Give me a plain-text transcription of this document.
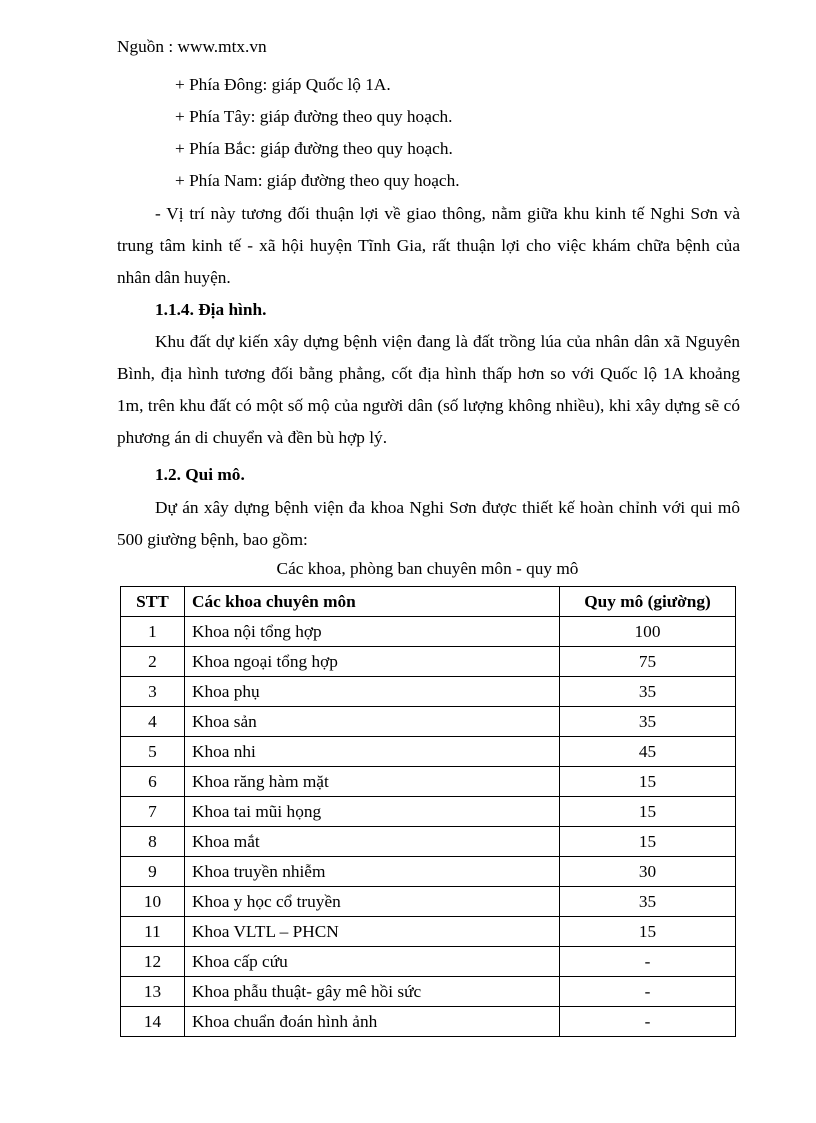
Nguồn : www.mtx.vn
+ Phía Đông: giáp Quốc lộ 1A.
+ Phía Tây: giáp đường theo quy hoạch.
+ Phía Bắc: giáp đường theo quy hoạch.
+ Phía Nam: giáp đường theo quy hoạch.

- Vị trí này tương đối thuận lợi về giao thông, nằm giữa khu kinh tế Nghi Sơn và trung tâm kinh tế - xã hội huyện Tĩnh Gia, rất thuận lợi cho việc khám chữa bệnh của nhân dân huyện.

1.1.4. Địa hình.

Khu đất dự kiến xây dựng bệnh viện đang là đất trồng lúa của nhân dân xã Nguyên Bình, địa hình tương đối bằng phẳng, cốt địa hình thấp hơn so với Quốc lộ 1A khoảng 1m, trên khu đất có một số mộ của người dân (số lượng không nhiều), khi xây dựng sẽ có phương án di chuyển và đền bù hợp lý.

1.2. Qui mô.

Dự án xây dựng bệnh viện đa khoa Nghi Sơn được thiết kế hoàn chỉnh với qui mô 500 giường bệnh, bao gồm:

Các khoa, phòng ban chuyên môn - quy mô
STT	Các khoa chuyên môn	Quy mô (giường)
1	Khoa nội tổng hợp	100
2	Khoa ngoại tổng hợp	75
3	Khoa phụ	35
4	Khoa sản	35
5	Khoa nhi	45
6	Khoa răng hàm mặt	15
7	Khoa tai mũi họng	15
8	Khoa mắt	15
9	Khoa truyền nhiễm	30
10	Khoa y học cổ truyền	35
11	Khoa VLTL – PHCN	15
12	Khoa cấp cứu	-
13	Khoa phẫu thuật- gây mê hồi sức	-
14	Khoa chuẩn đoán hình ảnh	-
